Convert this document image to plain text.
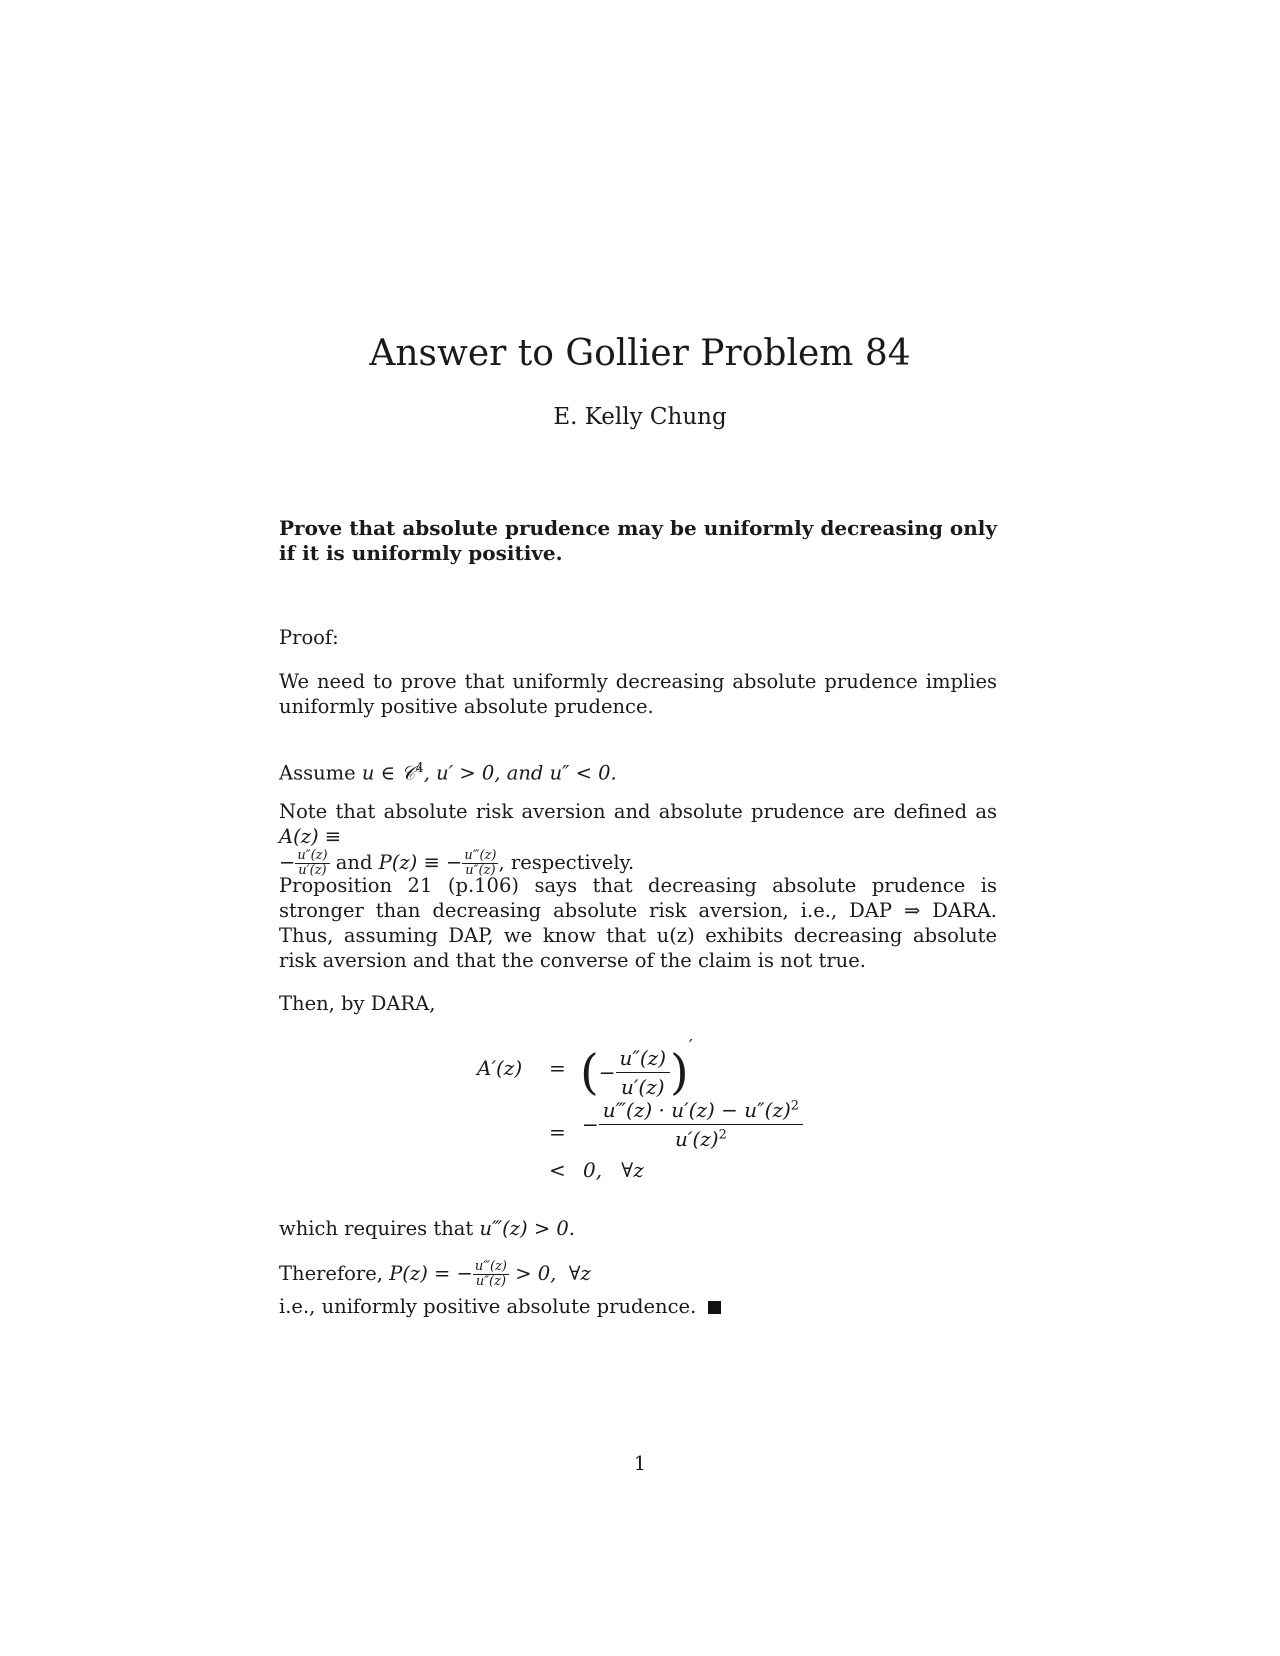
Answer to Gollier Problem 84
E. Kelly Chung
Prove that absolute prudence may be uniformly decreasing only if it is uniformly positive.
Proof:
We need to prove that uniformly decreasing absolute prudence implies uniformly positive absolute prudence.
Assume u ∈ 𝒞$^4$, u′ > 0, and u″ < 0.
Note that absolute risk aversion and absolute prudence are defined as A(z) ≡
− $\frac{u''(z)}{u'(z)}$ and P(z) ≡ − $\frac{u‴(z)}{u''(z)}$ , respectively.
Proposition 21 (p.106) says that decreasing absolute prudence is stronger than decreasing absolute risk aversion, i.e., DAP ⇒ DARA. Thus, assuming DAP, we know that u(z) exhibits decreasing absolute risk aversion and that the converse of the claim is not true.
Then, by DARA,
A′(z) = (− $\frac{u''(z)}{u'(z)} )'$
= − $\frac{u‴(z) \cdot u'(z) - u''(z)^2}{u'(z)^2}$
< 0,   ∀z
which requires that u‴(z) > 0.
Therefore, P(z) = − $\frac{u‴(z)}{u''(z)} > 0$,  ∀z
i.e., uniformly positive absolute prudence.
1
